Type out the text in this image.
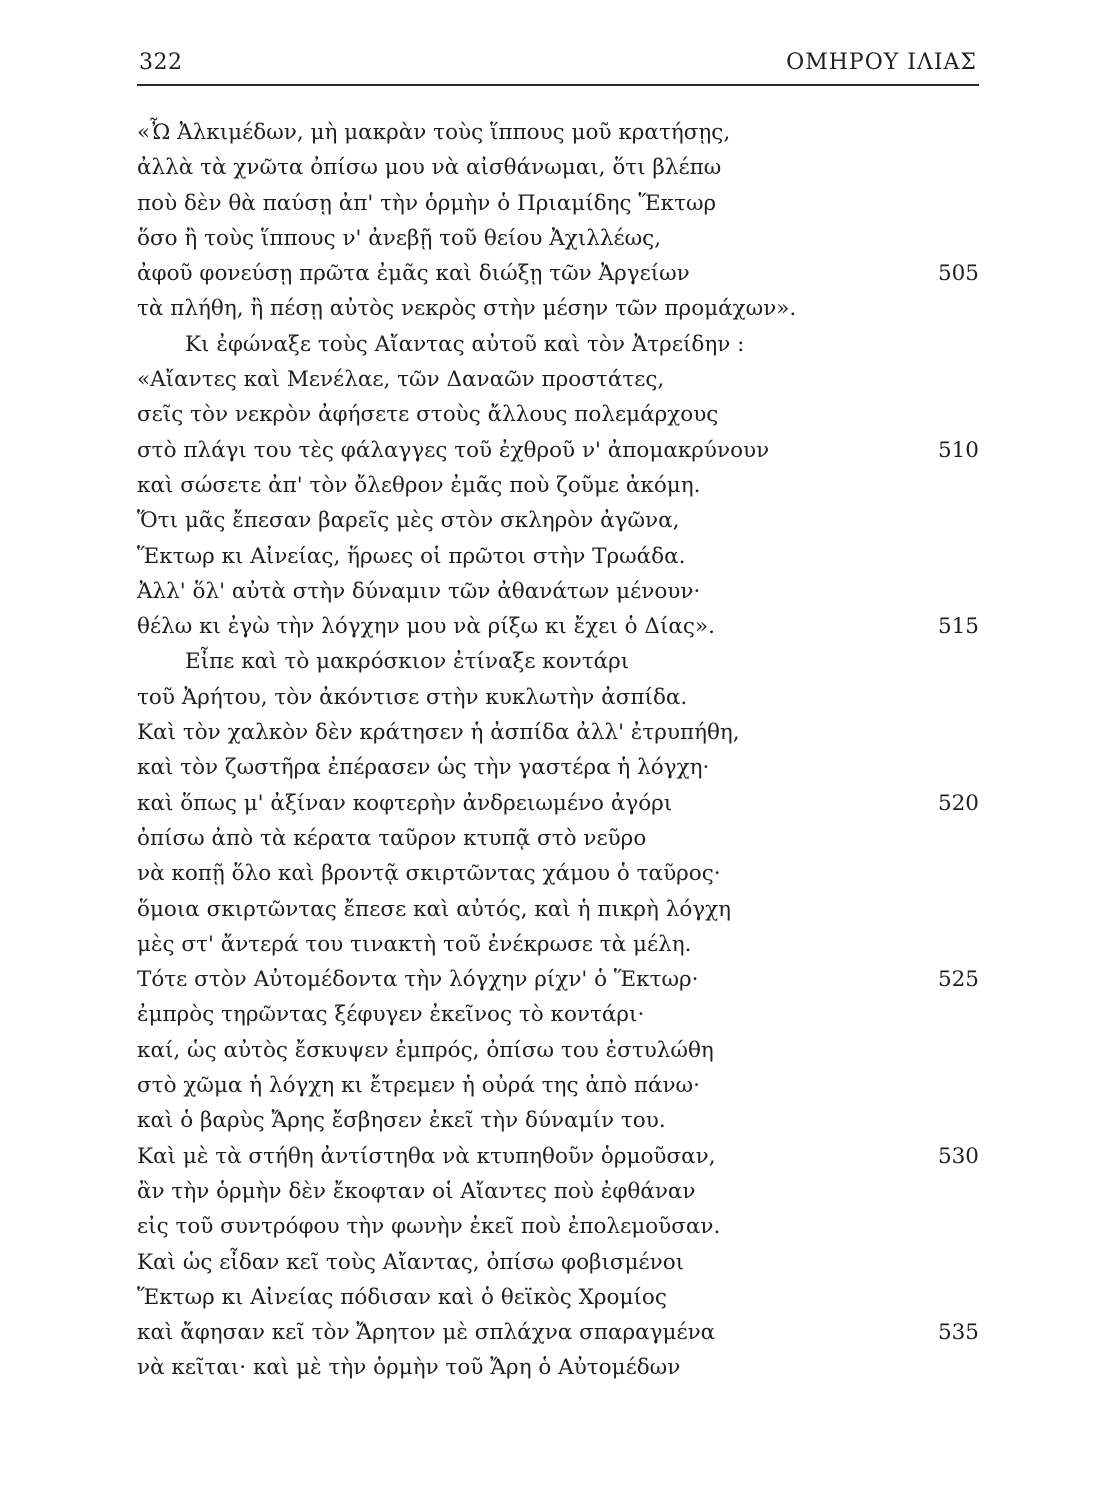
322	ΟΜΗΡΟΥ ΙΛΙΑΣ
«Ὦ Ἀλκιμέδων, μὴ μακρὰν τοὺς ἵππους μοῦ κρατήσῃς,
ἀλλὰ τὰ χνῶτα ὀπίσω μου νὰ αἰσθάνωμαι, ὅτι βλέπω
ποὺ δὲν θὰ παύσῃ ἀπ' τὴν ὁρμὴν ὁ Πριαμίδης Ἕκτωρ
ὅσο ἢ τοὺς ἵππους ν' ἀνεβῇ τοῦ θείου Ἀχιλλέως,
ἀφοῦ φονεύσῃ πρῶτα ἐμᾶς καὶ διώξῃ τῶν Ἀργείων	505
τὰ πλήθη, ἢ πέσῃ αὐτὸς νεκρὸς στὴν μέσην τῶν προμάχων».
Κι ἐφώναξε τοὺς Αἴαντας αὐτοῦ καὶ τὸν Ἀτρείδην :
«Αἴαντες καὶ Μενέλαε, τῶν Δαναῶν προστάτες,
σεῖς τὸν νεκρὸν ἀφήσετε στοὺς ἄλλους πολεμάρχους
στὸ πλάγι του τὲς φάλαγγες τοῦ ἐχθροῦ ν' ἀπομακρύνουν	510
καὶ σώσετε ἀπ' τὸν ὄλεθρον ἐμᾶς ποὺ ζοῦμε ἀκόμη.
Ὅτι μᾶς ἔπεσαν βαρεῖς μὲς στὸν σκληρὸν ἀγῶνα,
Ἕκτωρ κι Αἰνείας, ἥρωες οἱ πρῶτοι στὴν Τρωάδα.
Ἀλλ' ὅλ' αὐτὰ στὴν δύναμιν τῶν ἀθανάτων μένουν·
θέλω κι ἐγὼ τὴν λόγχην μου νὰ ρίξω κι ἔχει ὁ Δίας».	515
Εἶπε καὶ τὸ μακρόσκιον ἐτίναξε κοντάρι
τοῦ Ἀρήτου, τὸν ἀκόντισε στὴν κυκλωτὴν ἀσπίδα.
Καὶ τὸν χαλκὸν δὲν κράτησεν ἡ ἀσπίδα ἀλλ' ἐτρυπήθη,
καὶ τὸν ζωστῆρα ἐπέρασεν ὡς τὴν γαστέρα ἡ λόγχη·
καὶ ὅπως μ' ἀξίναν κοφτερὴν ἀνδρειωμένο ἀγόρι	520
ὀπίσω ἀπὸ τὰ κέρατα ταῦρον κτυπᾷ στὸ νεῦρο
νὰ κοπῇ ὅλο καὶ βροντᾷ σκιρτῶντας χάμου ὁ ταῦρος·
ὅμοια σκιρτῶντας ἔπεσε καὶ αὐτός, καὶ ἡ πικρὴ λόγχη
μὲς στ' ἄντερά του τινακτὴ τοῦ ἐνέκρωσε τὰ μέλη.
Τότε στὸν Αὐτομέδοντα τὴν λόγχην ρίχν' ὁ Ἕκτωρ·	525
ἐμπρὸς τηρῶντας ξέφυγεν ἐκεῖνος τὸ κοντάρι·
καί, ὡς αὐτὸς ἔσκυψεν ἐμπρός, ὀπίσω του ἐστυλώθη
στὸ χῶμα ἡ λόγχη κι ἔτρεμεν ἡ οὐρά της ἀπὸ πάνω·
καὶ ὁ βαρὺς Ἄρης ἔσβησεν ἐκεῖ τὴν δύναμίν του.
Καὶ μὲ τὰ στήθη ἀντίστηθα νὰ κτυπηθοῦν ὁρμοῦσαν,	530
ἂν τὴν ὁρμὴν δὲν ἔκοφταν οἱ Αἴαντες ποὺ ἐφθάναν
εἰς τοῦ συντρόφου τὴν φωνὴν ἐκεῖ ποὺ ἐπολεμοῦσαν.
Καὶ ὡς εἶδαν κεῖ τοὺς Αἴαντας, ὀπίσω φοβισμένοι
Ἕκτωρ κι Αἰνείας πόδισαν καὶ ὁ θεϊκὸς Χρομίος
καὶ ἄφησαν κεῖ τὸν Ἄρητον μὲ σπλάχνα σπαραγμένα	535
νὰ κεῖται· καὶ μὲ τὴν ὁρμὴν τοῦ Ἄρη ὁ Αὐτομέδων
